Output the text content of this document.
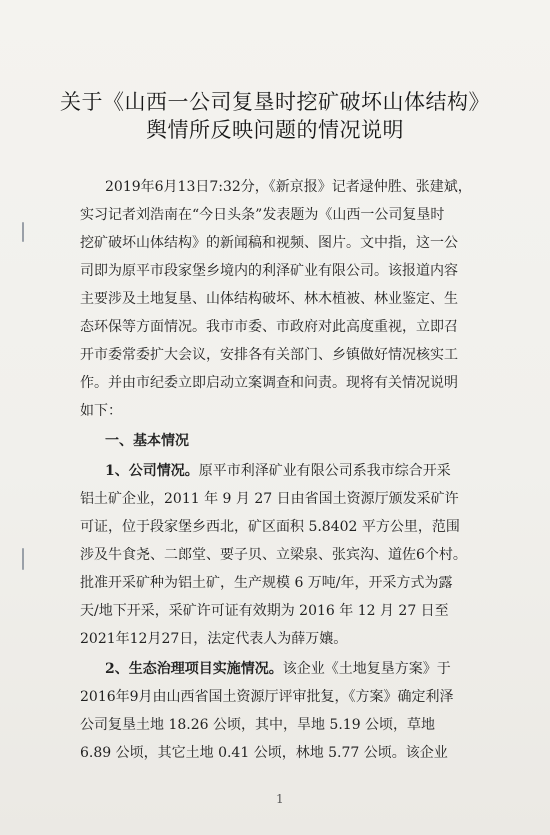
关于《山西一公司复垦时挖矿破坏山体结构》
舆情所反映问题的情况说明
2019年6月13日7:32分，《新京报》记者逯仲胜、张建斌，
实习记者刘浩南在“今日头条”发表题为《山西一公司复垦时
挖矿破坏山体结构》的新闻稿和视频、图片。文中指，这一公
司即为原平市段家堡乡境内的利泽矿业有限公司。该报道内容
主要涉及土地复垦、山体结构破坏、林木植被、林业鉴定、生
态环保等方面情况。我市市委、市政府对此高度重视，立即召
开市委常委扩大会议，安排各有关部门、乡镇做好情况核实工
作。并由市纪委立即启动立案调查和问责。现将有关情况说明
如下：
一、基本情况
1、公司情况。原平市利泽矿业有限公司系我市综合开采
铝土矿企业，2011 年 9 月 27 日由省国土资源厅颁发采矿许
可证，位于段家堡乡西北，矿区面积 5.8402 平方公里，范围
涉及牛食尧、二郎堂、要子贝、立梁泉、张宾沟、道佐6个村。
批准开采矿种为铝土矿，生产规模 6 万吨/年，开采方式为露
天/地下开采，采矿许可证有效期为 2016 年 12 月 27 日至
2021年12月27日，法定代表人为薛万孃。
2、生态治理项目实施情况。该企业《土地复垦方案》于
2016年9月由山西省国土资源厅评审批复，《方案》确定利泽
公司复垦土地 18.26 公顷，其中，旱地 5.19 公顷，草地
6.89 公顷，其它土地 0.41 公顷，林地 5.77 公顷。该企业
1
